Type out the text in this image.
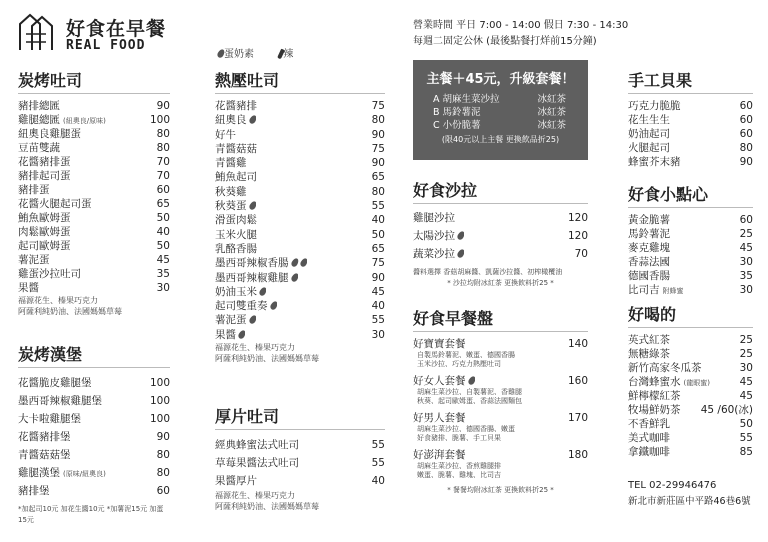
好食在早餐
REAL FOOD
蛋奶素	辣
營業時間 平日 7:00 - 14:00 假日 7:30 - 14:30
每週二固定公休 (最後點餐打烊前15分鐘)
炭烤吐司
豬排總匯	90
雞腿總匯 (紐奧良/原味)	100
紐奧良雞腿蛋	80
豆苗雙蔬	80
花醬豬排蛋	70
豬排起司蛋	70
豬排蛋	60
花醬火腿起司蛋	65
鮪魚歐姆蛋	50
肉鬆歐姆蛋	40
起司歐姆蛋	50
薯泥蛋	45
雞蛋沙拉吐司	35
果醬	30
福源花生、榛果巧克力
阿薩利純奶油、法國媽媽草莓
炭烤漢堡
花醬脆皮雞腿堡	100
墨西哥辣椒雞腿堡	100
大卡啦雞腿堡	100
花醬豬排堡	90
青醬菇菇堡	80
雞腿漢堡 (原味/紐奧良)	80
豬排堡	60
*加起司10元 加花生醬10元 *加薯泥15元 加蛋15元
熱壓吐司
花醬豬排	75
紐奧良	80
好牛	90
青醬菇菇	75
青醬雞	90
鮪魚起司	65
秋葵雞	80
秋葵蛋	55
滑蛋肉鬆	40
玉米火腿	50
乳酪香腸	65
墨西哥辣椒香腸	75
墨西哥辣椒雞腿	90
奶油玉米	45
起司雙重奏	40
薯泥蛋	55
果醬	30
福源花生、榛果巧克力
阿薩利純奶油、法國媽媽草莓
厚片吐司
經典蜂蜜法式吐司	55
草莓果醬法式吐司	55
果醬厚片	40
福源花生、榛果巧克力
阿薩利純奶油、法國媽媽草莓
主餐＋45元，升級套餐！
A 胡麻生菜沙拉	冰紅茶
B 馬鈴薯泥	冰紅茶
C 小份脆薯	冰紅茶
(限40元以上主餐 更換飲品折25)
好食沙拉
雞腿沙拉	120
太陽沙拉	120
蔬菜沙拉	70
醬料選擇 香菇胡麻醬、凱薩沙拉醬、初榨橄欖油
* 沙拉均附冰紅茶 更換飲料折25 *
好食早餐盤
好寶寶套餐	140
自製馬鈴薯泥、嫩蛋、德國香腸
玉米沙拉、巧克力熱壓吐司
好女人套餐	160
胡麻生菜沙拉、自製薯泥、香雞腿
秋葵、起司歐姆蛋、香蒜法國麵包
好男人套餐	170
胡麻生菜沙拉、德國香腸、嫩蛋
好食豬排、脆薯、手工貝果
好澎湃套餐	180
胡麻生菜沙拉、香煎雞腿排
嫩蛋、脆薯、雞塊、比司吉
* 餐餐均附冰紅茶 更換飲料折25 *
手工貝果
巧克力脆脆	60
花生生生	60
奶油起司	60
火腿起司	80
蜂蜜芥末豬	90
好食小點心
黃金脆薯	60
馬鈴薯泥	25
麥克雞塊	45
香蒜法國	30
德國香腸	35
比司吉 附蜂蜜	30
好喝的
英式紅茶	25
無糖綠茶	25
新竹高家冬瓜茶	30
台灣蜂蜜水 (龍眼蜜)	45
鮮檸檬紅茶	45
牧場鮮奶茶	45 /60(冰)
不香鮮乳	50
美式咖啡	55
拿鐵咖啡	85
TEL 02-29946476
新北市新莊區中平路46巷6號
